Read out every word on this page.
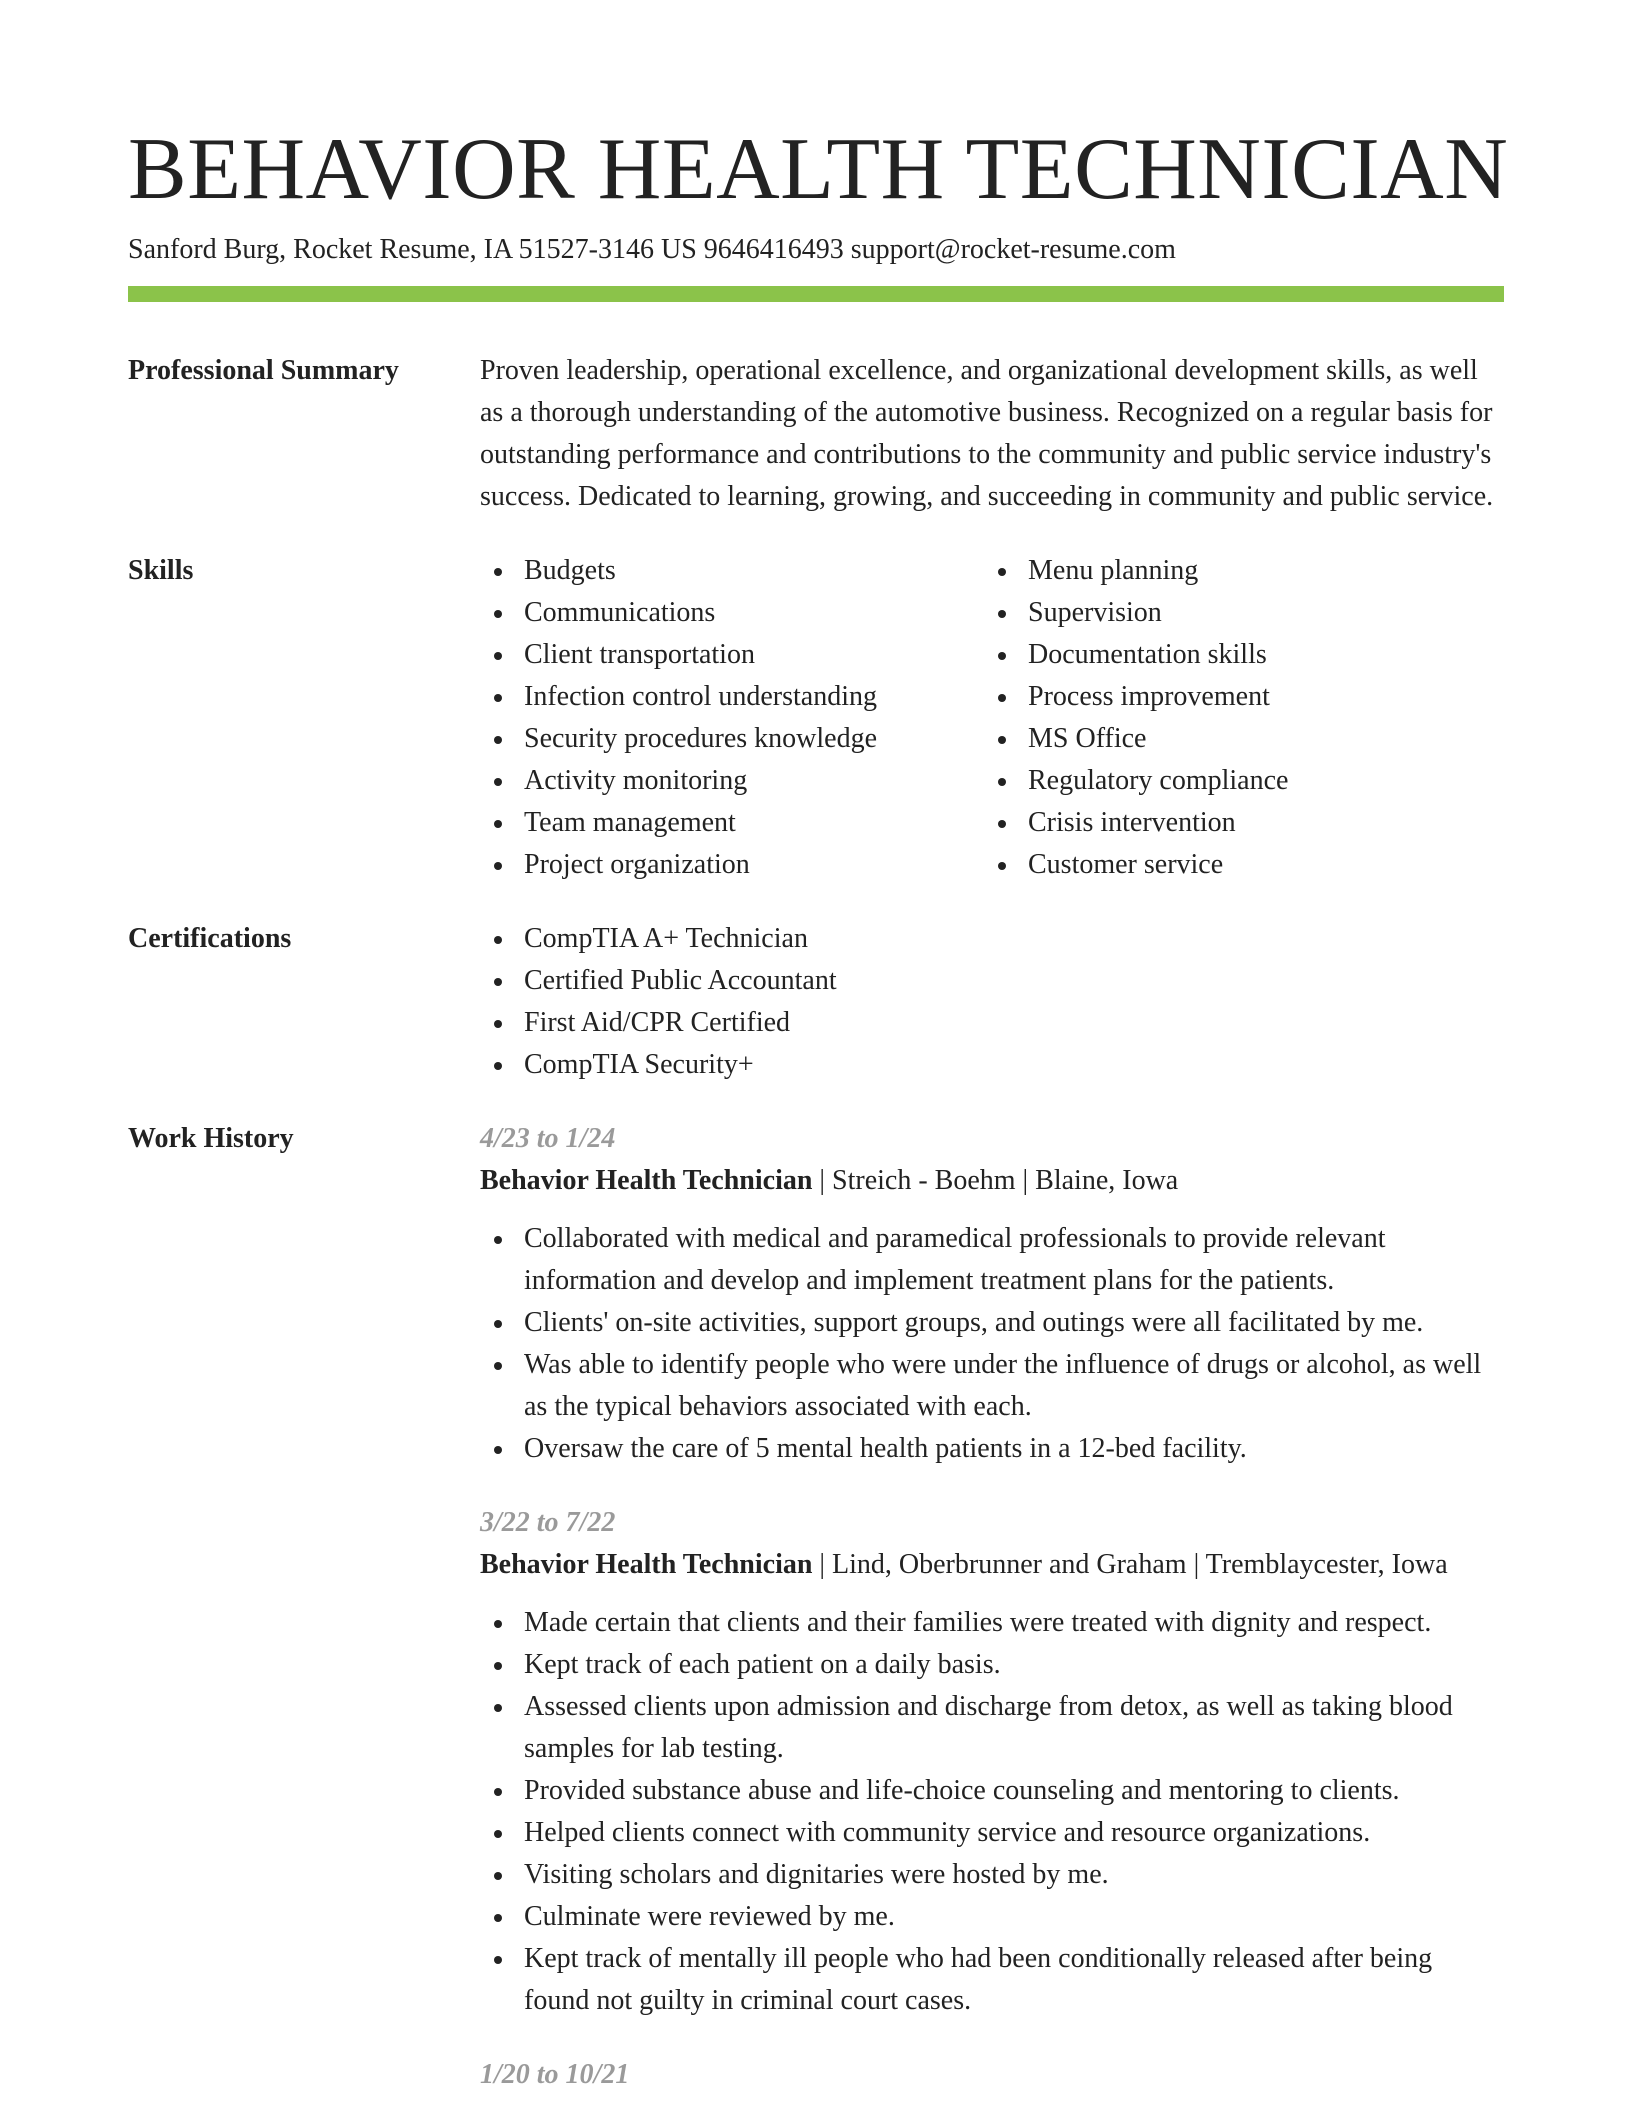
BEHAVIOR HEALTH TECHNICIAN
Sanford Burg, Rocket Resume, IA 51527-3146 US 9646416493 support@rocket-resume.com
Professional Summary	Proven leadership, operational excellence, and organizational development skills, as well as a thorough understanding of the automotive business. Recognized on a regular basis for outstanding performance and contributions to the community and public service industry's success. Dedicated to learning, growing, and succeeding in community and public service.

Skills	Budgets
Communications
Client transportation
Infection control understanding
Security procedures knowledge
Activity monitoring
Team management
Project organization
Menu planning
Supervision
Documentation skills
Process improvement
MS Office
Regulatory compliance
Crisis intervention
Customer service
Certifications	CompTIA A+ Technician
Certified Public Accountant
First Aid/CPR Certified
CompTIA Security+
Work History	4/23 to 1/24
Behavior Health Technician | Streich - Boehm | Blaine, Iowa
Collaborated with medical and paramedical professionals to provide relevant information and develop and implement treatment plans for the patients.
Clients' on-site activities, support groups, and outings were all facilitated by me.
Was able to identify people who were under the influence of drugs or alcohol, as well as the typical behaviors associated with each.
Oversaw the care of 5 mental health patients in a 12-bed facility.
3/22 to 7/22
Behavior Health Technician | Lind, Oberbrunner and Graham | Tremblaycester, Iowa
Made certain that clients and their families were treated with dignity and respect.
Kept track of each patient on a daily basis.
Assessed clients upon admission and discharge from detox, as well as taking blood samples for lab testing.
Provided substance abuse and life-choice counseling and mentoring to clients.
Helped clients connect with community service and resource organizations.
Visiting scholars and dignitaries were hosted by me.
Culminate were reviewed by me.
Kept track of mentally ill people who had been conditionally released after being found not guilty in criminal court cases.
1/20 to 10/21
